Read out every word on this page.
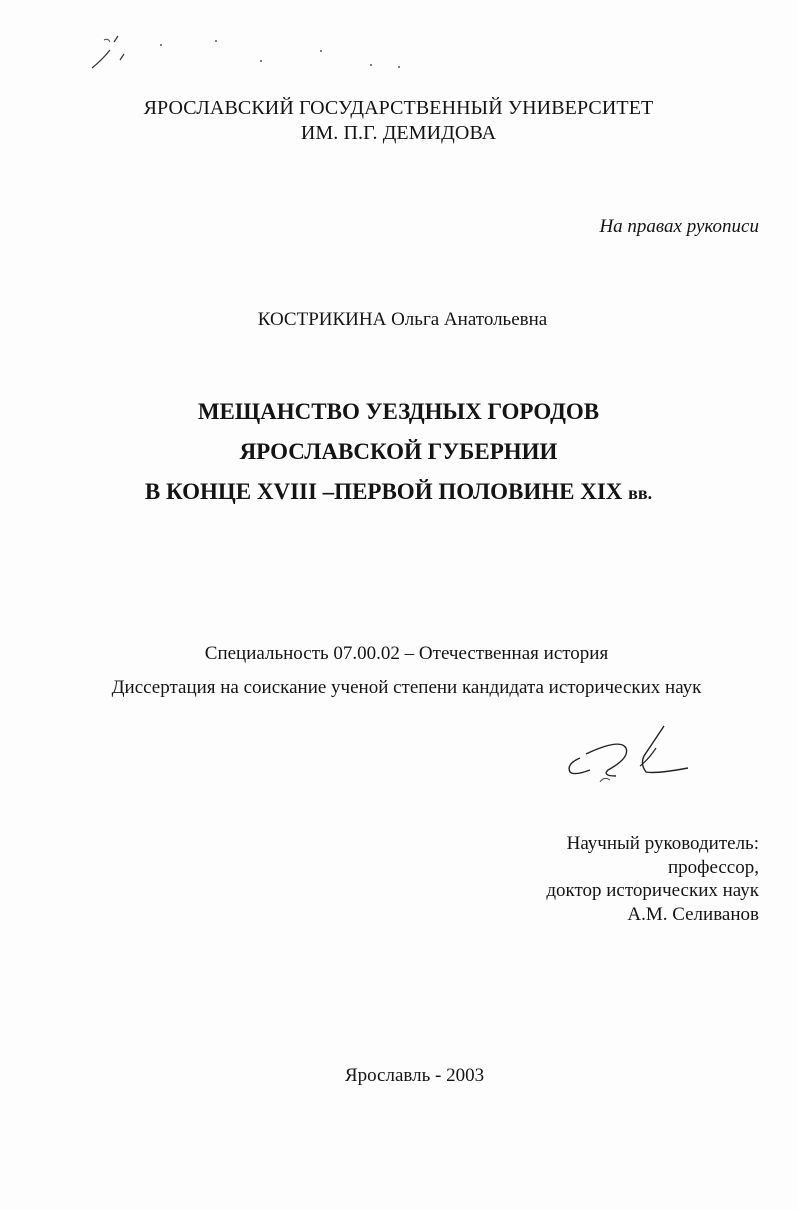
ЯРОСЛАВСКИЙ ГОСУДАРСТВЕННЫЙ УНИВЕРСИТЕТ
ИМ. П.Г. ДЕМИДОВА
На правах рукописи
КОСТРИКИНА Ольга Анатольевна
МЕЩАНСТВО УЕЗДНЫХ ГОРОДОВ
ЯРОСЛАВСКОЙ ГУБЕРНИИ
В КОНЦЕ XVIII –ПЕРВОЙ ПОЛОВИНЕ XIX вв.
Специальность 07.00.02 – Отечественная история
Диссертация на соискание ученой степени кандидата исторических наук
Научный руководитель:
профессор,
доктор исторических наук
А.М. Селиванов
Ярославль - 2003
